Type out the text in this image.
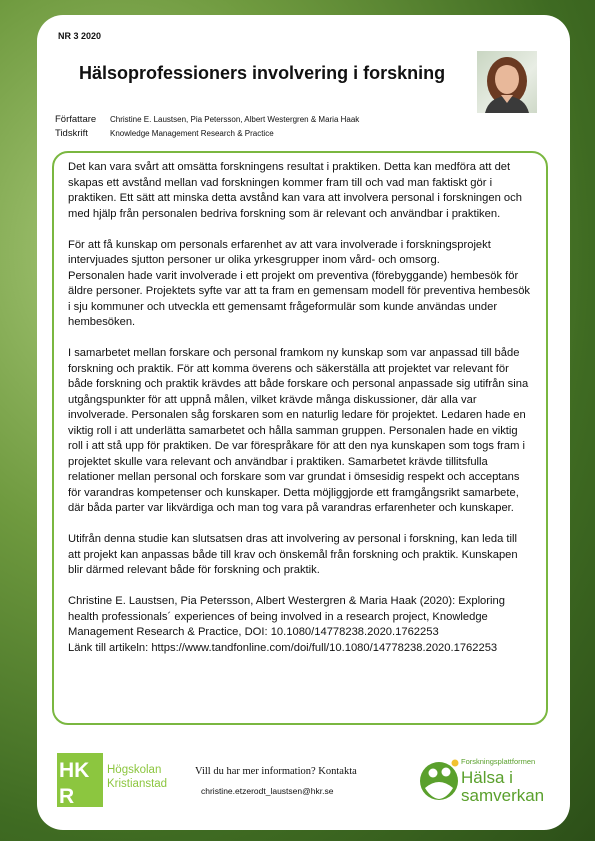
NR 3 2020
Hälsoprofessioners involvering i forskning
Författare Christine E. Laustsen, Pia Petersson, Albert Westergren & Maria Haak
Tidskrift	Knowledge Management Research & Practice

Det kan vara svårt att omsätta forskningens resultat i praktiken. Detta kan medföra att det skapas ett avstånd mellan vad forskningen kommer fram till och vad man faktiskt gör i praktiken. Ett sätt att minska detta avstånd kan vara att involvera personal i forskningen och med hjälp från personalen bedriva forskning som är relevant och användbar i praktiken.

För att få kunskap om personals erfarenhet av att vara involverade i forskningsprojekt intervjuades sjutton personer ur olika yrkesgrupper inom vård- och omsorg.
Personalen hade varit involverade i ett projekt om preventiva (förebyggande) hembesök för äldre personer. Projektets syfte var att ta fram en gemensam modell för preventiva hembesök i sju kommuner och utveckla ett gemensamt frågeformulär som kunde användas under hembesöken.

I samarbetet mellan forskare och personal framkom ny kunskap som var anpassad till både forskning och praktik. För att komma överens och säkerställa att projektet var relevant för både forskning och praktik krävdes att både forskare och personal anpassade sig utifrån sina utgångspunkter för att uppnå målen, vilket krävde många diskussioner, där alla var involverade. Personalen såg forskaren som en naturlig ledare för projektet. Ledaren hade en viktig roll i att underlätta samarbetet och hålla samman gruppen. Personalen hade en viktig roll i att stå upp för praktiken. De var förespråkare för att den nya kunskapen som togs fram i projektet skulle vara relevant och användbar i praktiken. Samarbetet krävde tillitsfulla relationer mellan personal och forskare som var grundat i ömsesidig respekt och acceptans för varandras kompetenser och kunskaper. Detta möjliggjorde ett framgångsrikt samarbete, där båda parter var likvärdiga och man tog vara på varandras erfarenheter och kunskaper.

Utifrån denna studie kan slutsatsen dras att involvering av personal i forskning, kan leda till att projekt kan anpassas både till krav och önskemål från forskning och praktik. Kunskapen blir därmed relevant både för forskning och praktik.

Christine E. Laustsen, Pia Petersson, Albert Westergren & Maria Haak (2020): Exploring health professionals´ experiences of being involved in a research project, Knowledge Management Research & Practice, DOI: 10.1080/14778238.2020.1762253
Länk till artikeln: https://www.tandfonline.com/doi/full/10.1080/14778238.2020.1762253

HK
R
Högskolan
Kristianstad
Vill du har mer information? Kontakta
christine.etzerodt_laustsen@hkr.se
Forskningsplattformen
Hälsa i
samverkan
